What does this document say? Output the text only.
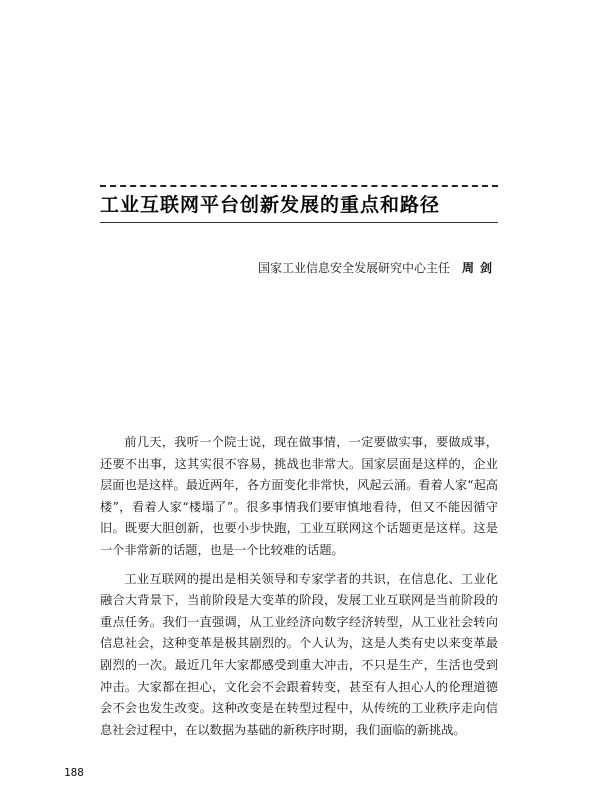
工业互联网平台创新发展的重点和路径
国家工业信息安全发展研究中心主任 周剑

前几天，我听一个院士说，现在做事情，一定要做实事，要做成事，还要不出事，这其实很不容易，挑战也非常大。国家层面是这样的，企业层面也是这样。最近两年，各方面变化非常快，风起云涌。看着人家“起高楼”，看着人家“楼塌了”。很多事情我们要审慎地看待，但又不能因循守旧。既要大胆创新，也要小步快跑，工业互联网这个话题更是这样。这是一个非常新的话题，也是一个比较难的话题。

工业互联网的提出是相关领导和专家学者的共识，在信息化、工业化融合大背景下，当前阶段是大变革的阶段，发展工业互联网是当前阶段的重点任务。我们一直强调，从工业经济向数字经济转型，从工业社会转向信息社会，这种变革是极其剧烈的。个人认为，这是人类有史以来变革最剧烈的一次。最近几年大家都感受到重大冲击，不只是生产，生活也受到冲击。大家都在担心，文化会不会跟着转变，甚至有人担心人的伦理道德会不会也发生改变。这种改变是在转型过程中，从传统的工业秩序走向信息社会过程中，在以数据为基础的新秩序时期，我们面临的新挑战。

188
